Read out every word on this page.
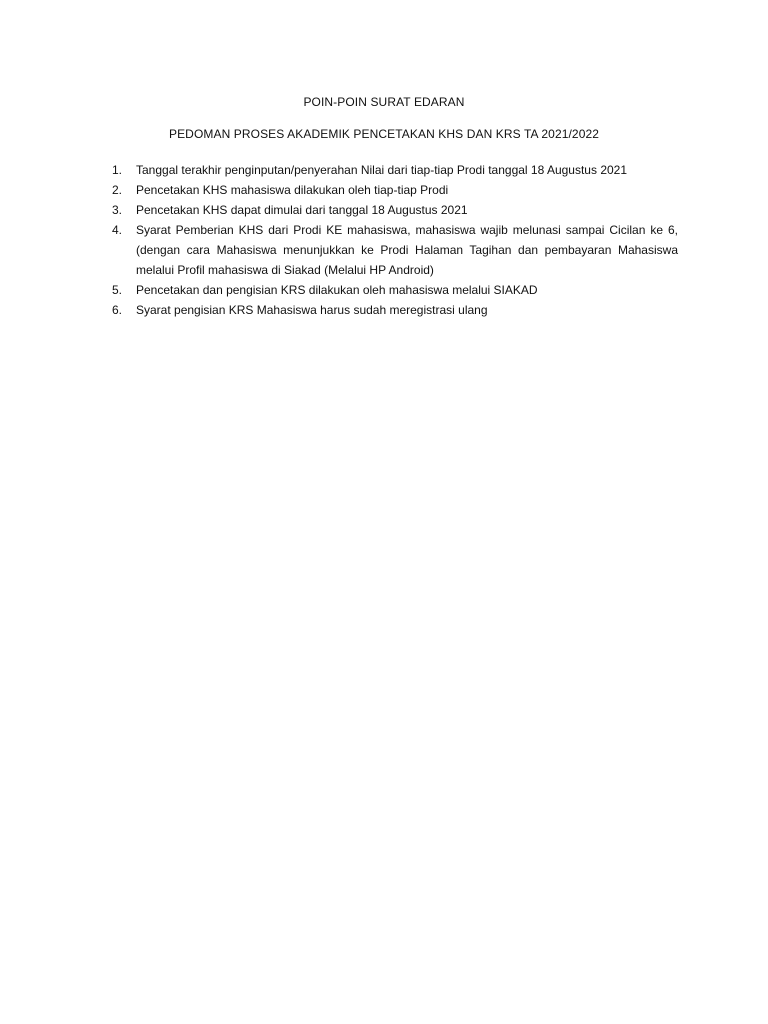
POIN-POIN SURAT EDARAN
PEDOMAN PROSES AKADEMIK PENCETAKAN KHS DAN KRS TA 2021/2022
1.	Tanggal terakhir penginputan/penyerahan Nilai dari tiap-tiap Prodi tanggal 18 Augustus 2021
2.	Pencetakan KHS mahasiswa dilakukan oleh tiap-tiap Prodi
3.	Pencetakan KHS dapat dimulai dari tanggal 18 Augustus 2021
4.	Syarat Pemberian KHS dari Prodi KE mahasiswa, mahasiswa wajib melunasi sampai Cicilan ke 6, (dengan cara Mahasiswa menunjukkan ke Prodi Halaman Tagihan dan pembayaran Mahasiswa melalui Profil mahasiswa di Siakad (Melalui HP Android)
5.	Pencetakan dan pengisian KRS dilakukan oleh mahasiswa melalui SIAKAD
6.	Syarat pengisian KRS Mahasiswa harus sudah meregistrasi ulang
